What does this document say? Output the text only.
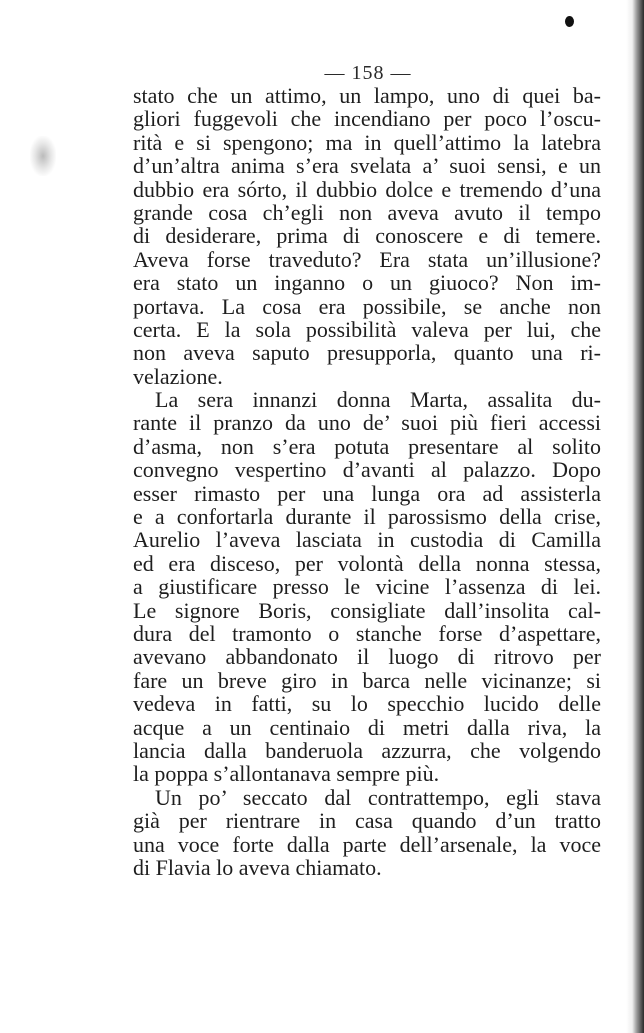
— 158 —
stato che un attimo, un lampo, uno di quei ba-
gliori fuggevoli che incendiano per poco l’oscu-
rità e si spengono; ma in quell’attimo la latebra
d’un’altra anima s’era svelata a’ suoi sensi, e un
dubbio era sórto, il dubbio dolce e tremendo d’una
grande cosa ch’egli non aveva avuto il tempo
di desiderare, prima di conoscere e di temere.
Aveva forse traveduto? Era stata un’illusione?
era stato un inganno o un giuoco? Non im-
portava. La cosa era possibile, se anche non
certa. E la sola possibilità valeva per lui, che
non aveva saputo presupporla, quanto una ri-
velazione.
La sera innanzi donna Marta, assalita du-
rante il pranzo da uno de’ suoi più fieri accessi
d’asma, non s’era potuta presentare al solito
convegno vespertino d’avanti al palazzo. Dopo
esser rimasto per una lunga ora ad assisterla
e a confortarla durante il parossismo della crise,
Aurelio l’aveva lasciata in custodia di Camilla
ed era disceso, per volontà della nonna stessa,
a giustificare presso le vicine l’assenza di lei.
Le signore Boris, consigliate dall’insolita cal-
dura del tramonto o stanche forse d’aspettare,
avevano abbandonato il luogo di ritrovo per
fare un breve giro in barca nelle vicinanze; si
vedeva in fatti, su lo specchio lucido delle
acque a un centinaio di metri dalla riva, la
lancia dalla banderuola azzurra, che volgendo
la poppa s’allontanava sempre più.
Un po’ seccato dal contrattempo, egli stava
già per rientrare in casa quando d’un tratto
una voce forte dalla parte dell’arsenale, la voce
di Flavia lo aveva chiamato.
